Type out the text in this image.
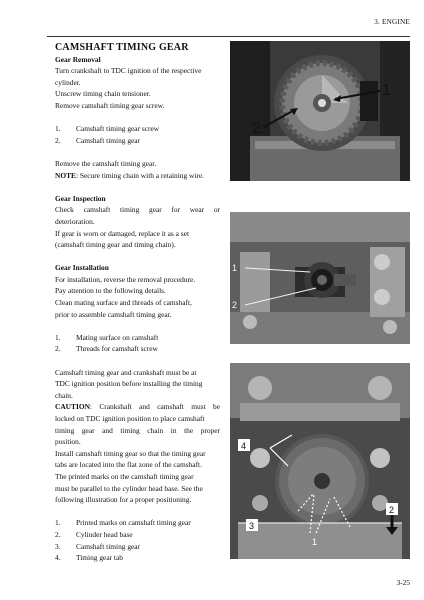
3. ENGINE

CAMSHAFT TIMING GEAR

Gear Removal

Turn crankshaft to TDC ignition of the respective

cylinder.

Unscrew timing chain tensioner.

Remove camshaft timing gear screw.

1.	Camshaft timing gear screw

2.	Camshaft timing gear

Remove the camshaft timing gear.

NOTE: Secure timing chain with a retaining wire.

Gear Inspection

Check camshaft timing gear for wear or

deterioration.

If gear is worn or damaged, replace it as a set

(camshaft timing gear and timing chain).

Gear Installation

For installation, reverse the removal procedure.

Pay attention to the following details.

Clean mating surface and threads of camshaft,

prior to assemble camshaft timing gear.

1.	Mating surface on camshaft

2.	Threads for camshaft screw

Camshaft timing gear and crankshaft must be at

TDC ignition position before installing the timing

chain.

CAUTION: Crankshaft and camshaft must be

locked on TDC ignition position to place camshaft

timing gear and timing chain in the proper

position.

Install camshaft timing gear so that the timing gear

tabs are located into the flat zone of the camshaft.

The printed marks on the camshaft timing gear

must be parallel to the cylinder head base. See the

following illustration for a proper positioning.

1.	Printed marks on camshaft timing gear

2.	Cylinder head base

3.	Camshaft timing gear

4.	Timing gear tab

1
2
1
2
4
3
2
1
3-25
